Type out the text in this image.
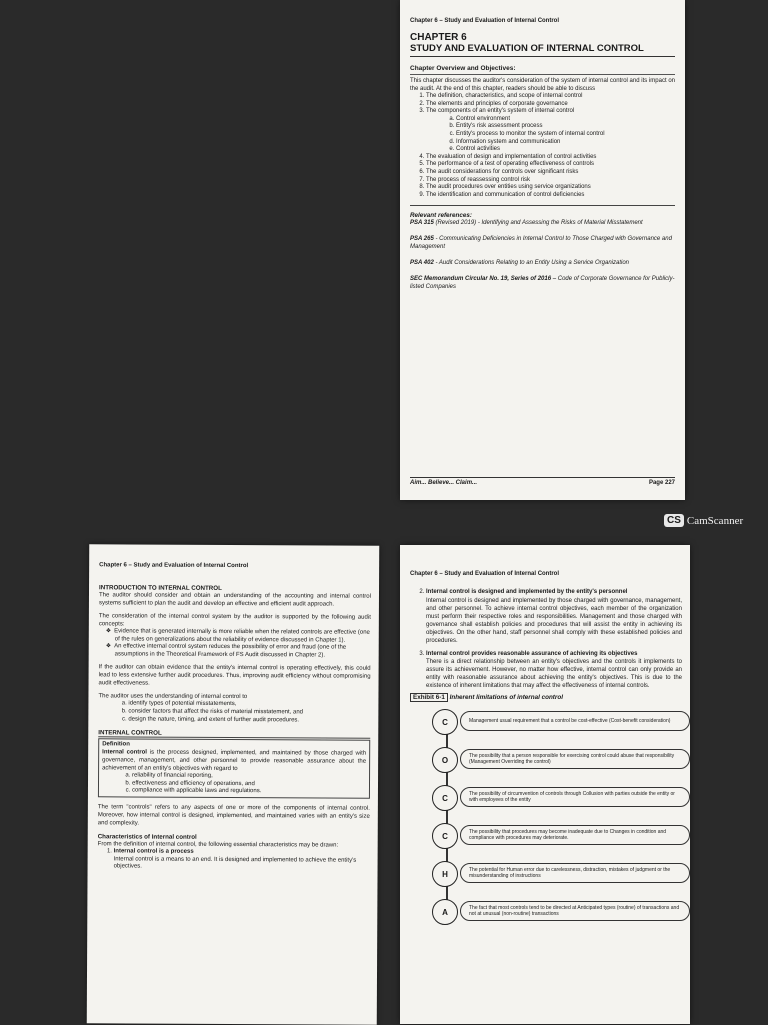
Chapter 6 – Study and Evaluation of Internal Control
CHAPTER 6
STUDY AND EVALUATION OF INTERNAL CONTROL
Chapter Overview and Objectives:

This chapter discusses the auditor's consideration of the system of internal control and its impact on the audit. At the end of this chapter, readers should be able to discuss

1. The definition, characteristics, and scope of internal control
2. The elements and principles of corporate governance
3. The components of an entity's system of internal control
a. Control environment
b. Entity's risk assessment process
c. Entity's process to monitor the system of internal control
d. Information system and communication
e. Control activities
4. The evaluation of design and implementation of control activities
5. The performance of a test of operating effectiveness of controls
6. The audit considerations for controls over significant risks
7. The process of reassessing control risk
8. The audit procedures over entities using service organizations
9. The identification and communication of control deficiencies
Relevant references:

PSA 315 (Revised 2019) - Identifying and Assessing the Risks of Material Misstatement

PSA 265 - Communicating Deficiencies in Internal Control to Those Charged with Governance and Management

PSA 402 - Audit Considerations Relating to an Entity Using a Service Organization

SEC Memorandum Circular No. 19, Series of 2016 – Code of Corporate Governance for Publicly-listed Companies

Aim... Believe... Claim...	Page 227
CS CamScanner
Chapter 6 – Study and Evaluation of Internal Control
INTRODUCTION TO INTERNAL CONTROL

The auditor should consider and obtain an understanding of the accounting and internal control systems sufficient to plan the audit and develop an effective and efficient audit approach.

The consideration of the internal control system by the auditor is supported by the following audit concepts:

❖ Evidence that is generated internally is more reliable when the related controls are effective (one of the rules on generalizations about the reliability of evidence discussed in Chapter 1).
❖ An effective internal control system reduces the possibility of error and fraud (one of the assumptions in the Theoretical Framework of FS Audit discussed in Chapter 2).

If the auditor can obtain evidence that the entity's internal control is operating effectively, this could lead to less extensive further audit procedures. Thus, improving audit efficiency without compromising audit effectiveness.

The auditor uses the understanding of internal control to

a. identify types of potential misstatements,
b. consider factors that affect the risks of material misstatement, and
c. design the nature, timing, and extent of further audit procedures.
INTERNAL CONTROL
Definition

Internal control is the process designed, implemented, and maintained by those charged with governance, management, and other personnel to provide reasonable assurance about the achievement of an entity's objectives with regard to

a. reliability of financial reporting,
b. effectiveness and efficiency of operations, and
c. compliance with applicable laws and regulations.

The term "controls" refers to any aspects of one or more of the components of internal control. Moreover, how internal control is designed, implemented, and maintained varies with an entity's size and complexity.

Characteristics of Internal control

From the definition of internal control, the following essential characteristics may be drawn:

1. Internal control is a process
Internal control is a means to an end. It is designed and implemented to achieve the entity's objectives.
Chapter 6 – Study and Evaluation of Internal Control
2. Internal control is designed and implemented by the entity's personnel

Internal control is designed and implemented by those charged with governance, management, and other personnel. To achieve internal control objectives, each member of the organization must perform their respective roles and responsibilities. Management and those charged with governance shall establish policies and procedures that will assist the entity in achieving its objectives. On the other hand, staff personnel shall comply with these established policies and procedures.
3. Internal control provides reasonable assurance of achieving its objectives

There is a direct relationship between an entity's objectives and the controls it implements to assure its achievement. However, no matter how effective, internal control can only provide an entity with reasonable assurance about achieving the entity's objectives. This is due to the existence of inherent limitations that may affect the effectiveness of internal controls.
Exhibit 6-1 Inherent limitations of internal control
C	Management usual requirement that a control be cost-effective (Cost-benefit consideration)
O	The possibility that a person responsible for exercising control could abuse that responsibility (Management Overriding the control)
C	The possibility of circumvention of controls through Collusion with parties outside the entity or with employees of the entity
C	The possibility that procedures may become inadequate due to Changes in condition and compliance with procedures may deteriorate.
H	The potential for Human error due to carelessness, distraction, mistakes of judgment or the misunderstanding of instructions
A	The fact that most controls tend to be directed at Anticipated types (routine) of transactions and not at unusual (non-routine) transactions
